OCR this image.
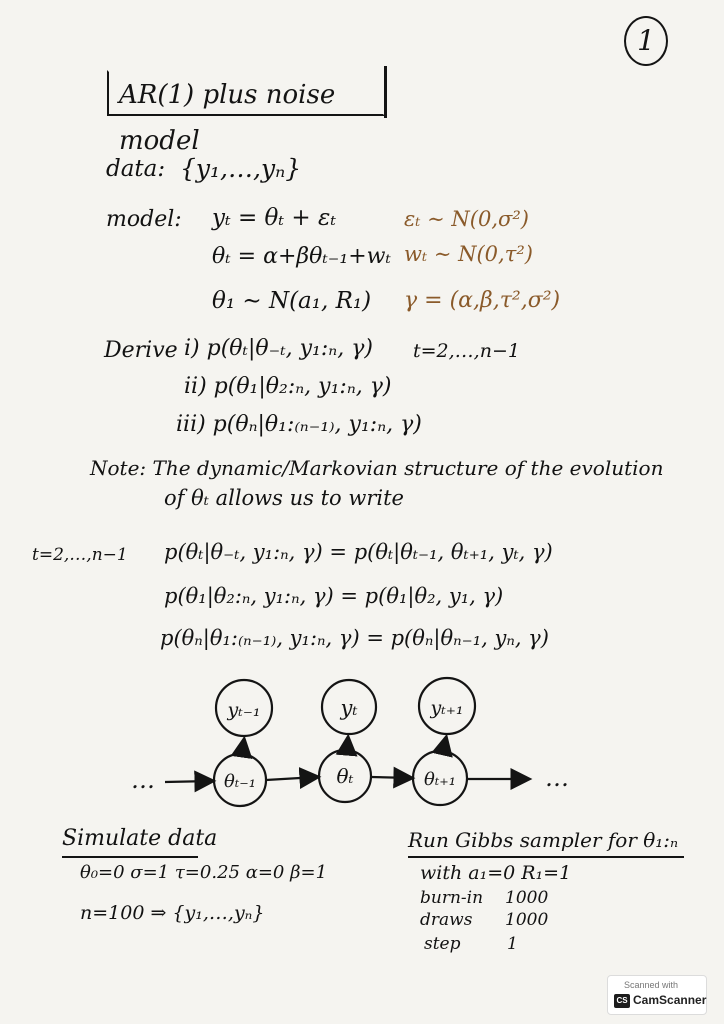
1
AR(1) plus noise model
data: {y₁,…,yₙ}
model: yₜ = θₜ + εₜ	εₜ ∼ N(0,σ²)
θₜ = α+βθₜ₋₁+wₜ wₜ ∼ N(0,τ²)
θ₁ ∼ N(a₁, R₁) γ = (α,β,τ²,σ²)
Derive i) p(θₜ|θ₋ₜ, y₁:ₙ, γ) t=2,…,n−1
ii) p(θ₁|θ₂:ₙ, y₁:ₙ, γ)
iii) p(θₙ|θ₁:₍ₙ₋₁₎, y₁:ₙ, γ)
Note: The dynamic/Markovian structure of the evolution
of θₜ allows us to write
t=2,…,n−1 p(θₜ|θ₋ₜ, y₁:ₙ, γ) = p(θₜ|θₜ₋₁, θₜ₊₁, yₜ, γ)
p(θ₁|θ₂:ₙ, y₁:ₙ, γ) = p(θ₁|θ₂, y₁, γ)
p(θₙ|θ₁:₍ₙ₋₁₎, y₁:ₙ, γ) = p(θₙ|θₙ₋₁, yₙ, γ)
yₜ₋₁	yₜ	yₜ₊₁
θₜ₋₁	θₜ	θₜ₊₁
…	…
Simulate data
θ₀=0 σ=1 τ=0.25 α=0 β=1
n=100 ⇒ {y₁,…,yₙ}
Run Gibbs sampler for θ₁:ₙ
with a₁=0 R₁=1
burn-in 1000
draws 1000
step	1
Scanned with
CS CamScanner
